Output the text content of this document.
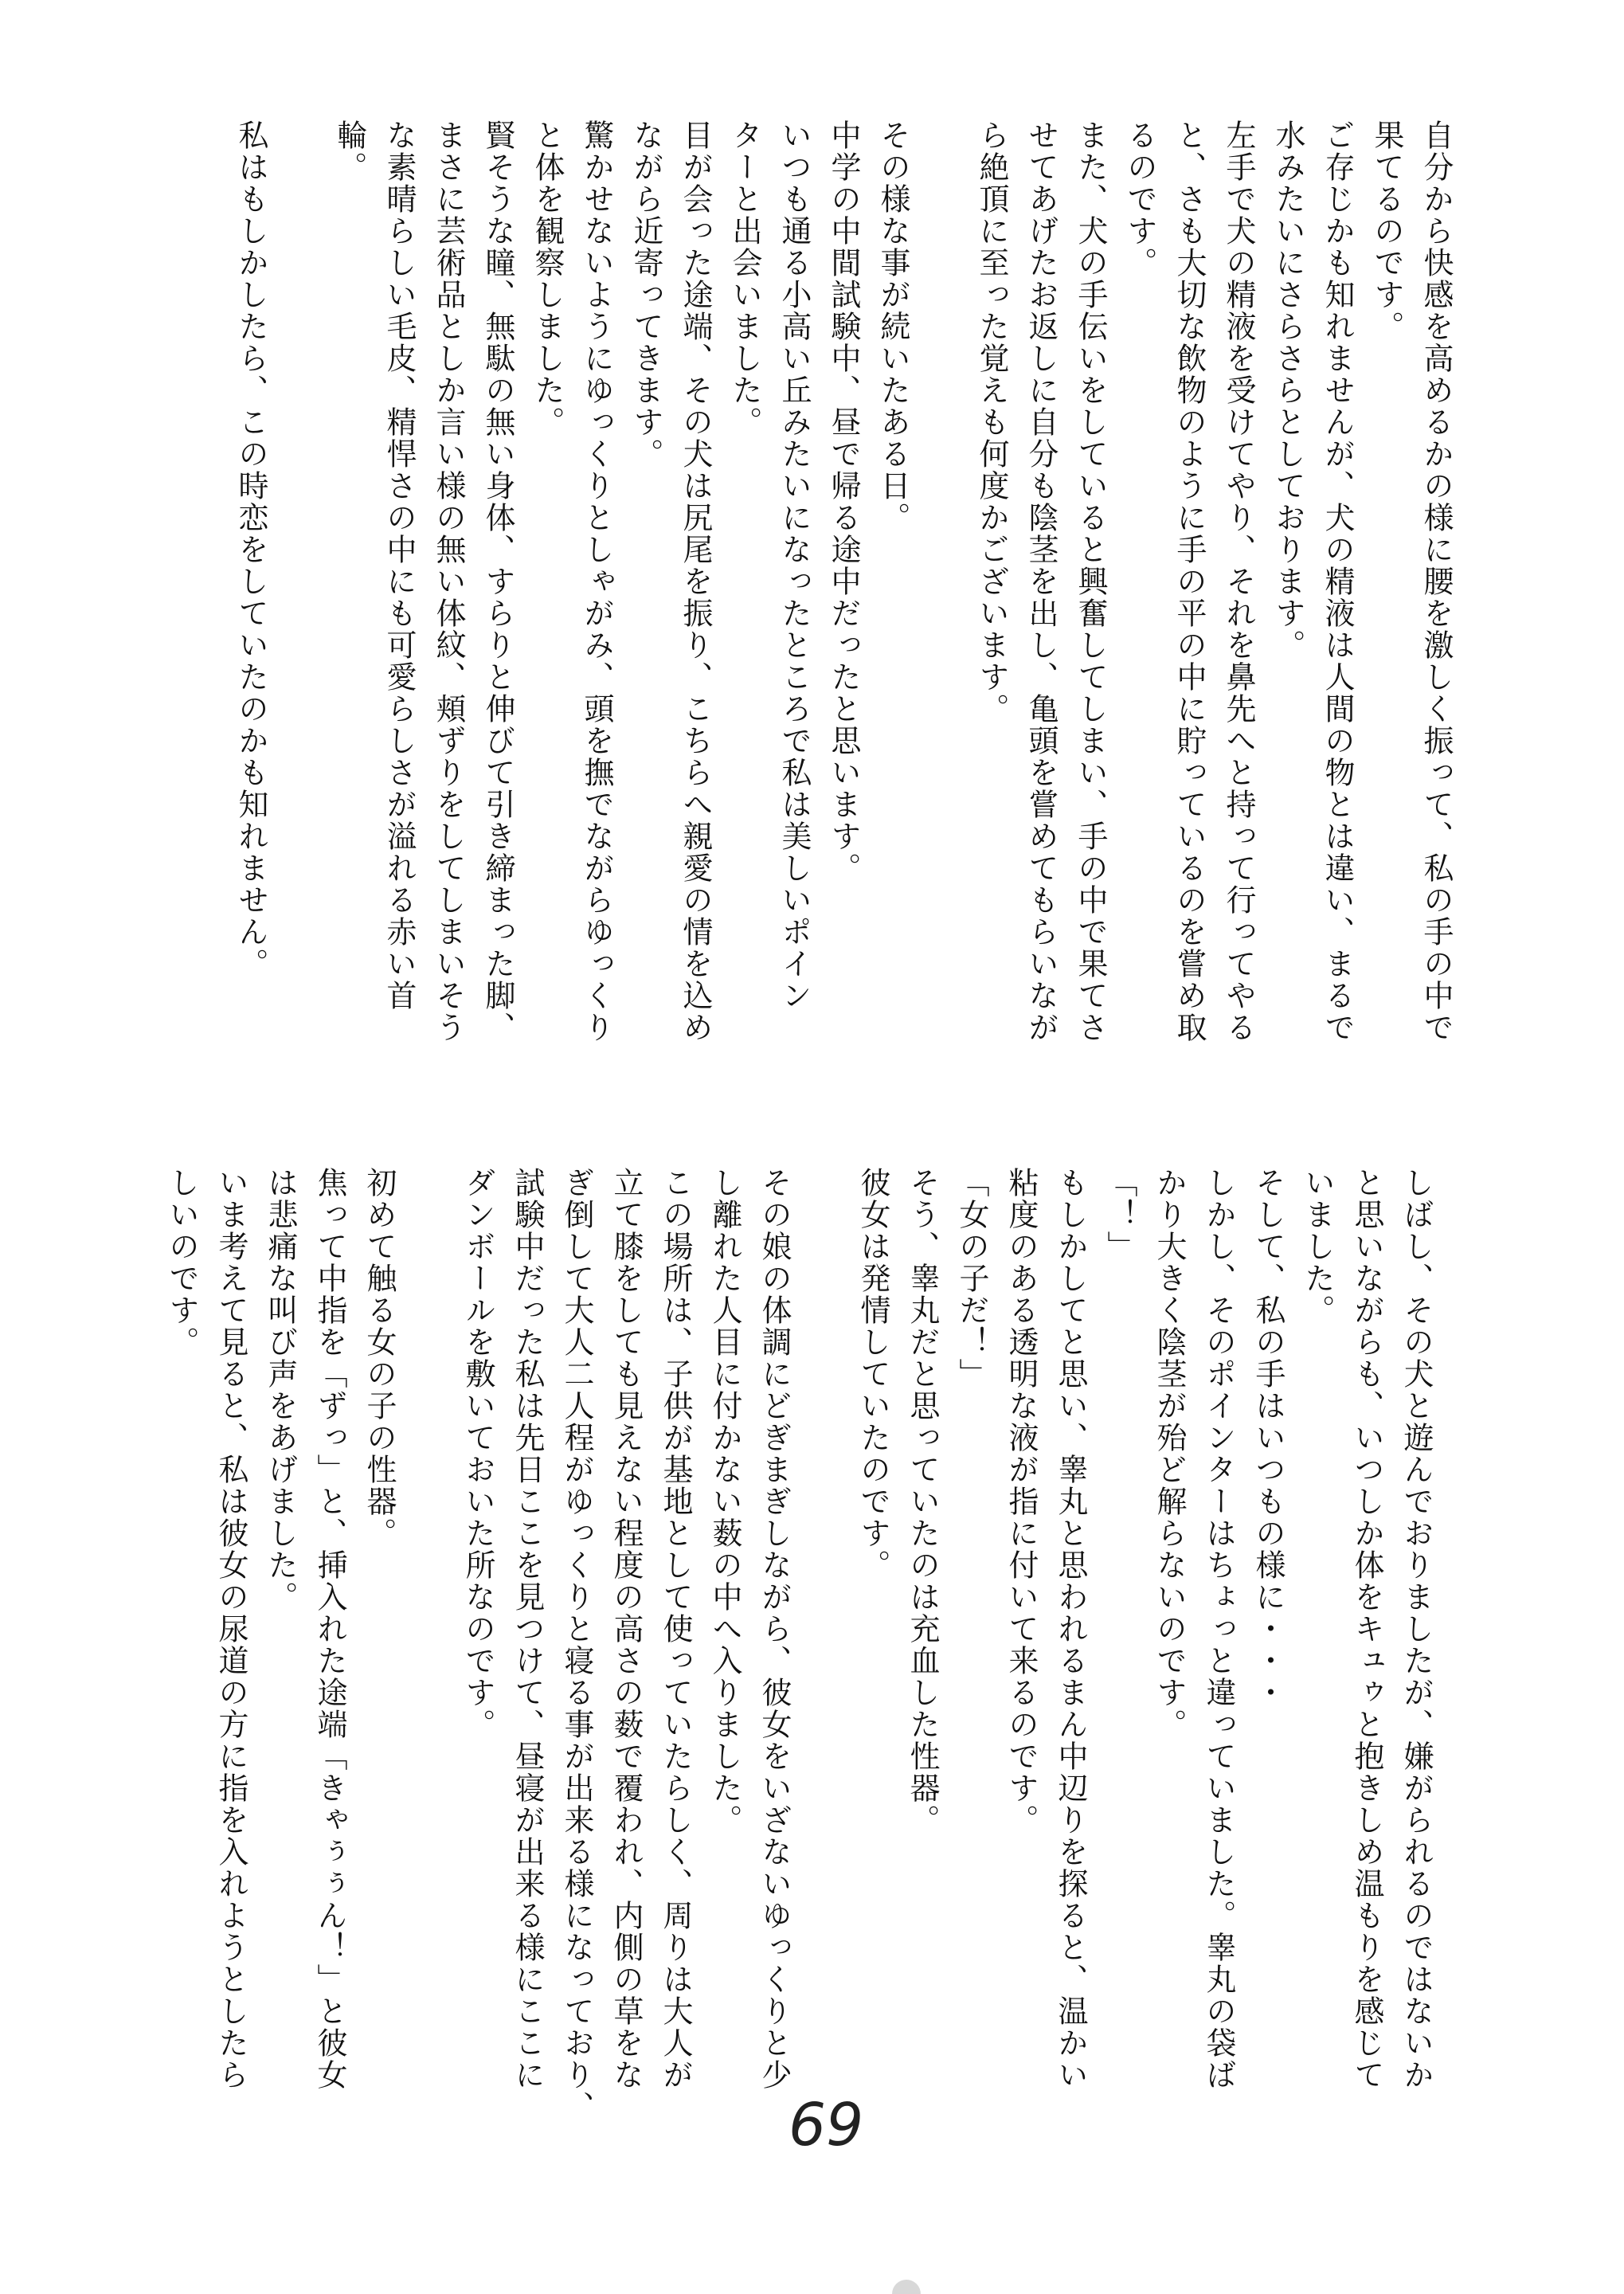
自分から快感を高めるかの様に腰を激しく振って、私の手の中で

果てるのです。

ご存じかも知れませんが、犬の精液は人間の物とは違い、まるで

水みたいにさらさらとしております。

左手で犬の精液を受けてやり、それを鼻先へと持って行ってやる

と、さも大切な飲物のように手の平の中に貯っているのを嘗め取

るのです。

また、犬の手伝いをしていると興奮してしまい、手の中で果てさ

せてあげたお返しに自分も陰茎を出し、亀頭を嘗めてもらいなが

ら絶頂に至った覚えも何度かございます。

その様な事が続いたある日。

中学の中間試験中、昼で帰る途中だったと思います。

いつも通る小高い丘みたいになったところで私は美しいポイン

ターと出会いました。

目が会った途端、その犬は尻尾を振り、こちらへ親愛の情を込め

ながら近寄ってきます。

驚かせないようにゆっくりとしゃがみ、頭を撫でながらゆっくり

と体を観察しました。

賢そうな瞳、無駄の無い身体、すらりと伸びて引き締まった脚、

まさに芸術品としか言い様の無い体紋、頬ずりをしてしまいそう

な素晴らしい毛皮、精悍さの中にも可愛らしさが溢れる赤い首

輪。

私はもしかしたら、この時恋をしていたのかも知れません。

しばし、その犬と遊んでおりましたが、嫌がられるのではないか

と思いながらも、いつしか体をキュゥと抱きしめ温もりを感じて

いました。

そして、私の手はいつもの様に・・・

しかし、そのポインターはちょっと違っていました。睾丸の袋ば

かり大きく陰茎が殆ど解らないのです。

「！」

もしかしてと思い、睾丸と思われるまん中辺りを探ると、温かい

粘度のある透明な液が指に付いて来るのです。

「女の子だ！」

そう、睾丸だと思っていたのは充血した性器。

彼女は発情していたのです。

その娘の体調にどぎまぎしながら、彼女をいざないゆっくりと少

し離れた人目に付かない薮の中へ入りました。

この場所は、子供が基地として使っていたらしく、周りは大人が

立て膝をしても見えない程度の高さの薮で覆われ、内側の草をな

ぎ倒して大人二人程がゆっくりと寝る事が出来る様になっており、

試験中だった私は先日ここを見つけて、昼寝が出来る様にここに

ダンボールを敷いておいた所なのです。

初めて触る女の子の性器。

焦って中指を「ずっ」と、挿入れた途端「きゃぅぅん！」と彼女

は悲痛な叫び声をあげました。

いま考えて見ると、私は彼女の尿道の方に指を入れようとしたら

しいのです。

69
